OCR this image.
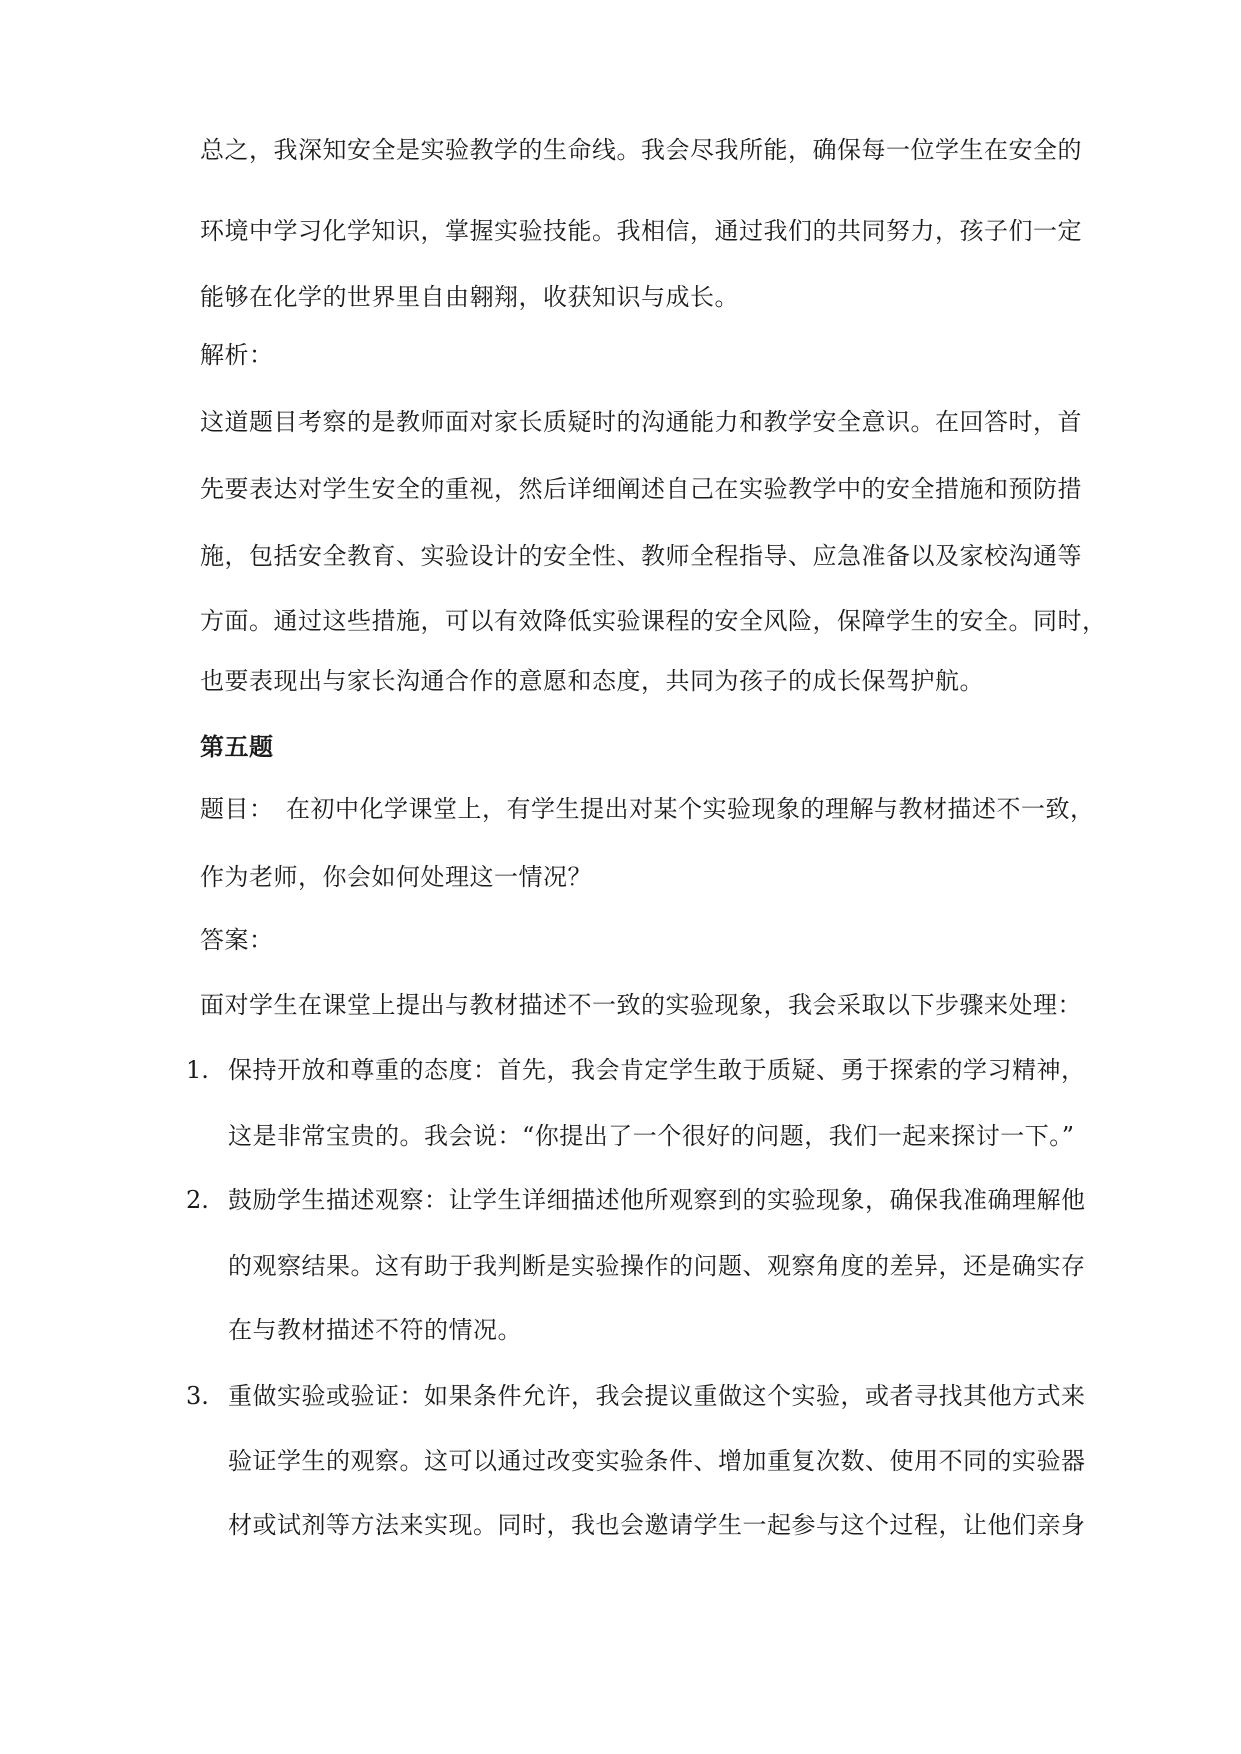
总之，我深知安全是实验教学的生命线。我会尽我所能，确保每一位学生在安全的
环境中学习化学知识，掌握实验技能。我相信，通过我们的共同努力，孩子们一定
能够在化学的世界里自由翱翔，收获知识与成长。
解析：
这道题目考察的是教师面对家长质疑时的沟通能力和教学安全意识。在回答时，首
先要表达对学生安全的重视，然后详细阐述自己在实验教学中的安全措施和预防措
施，包括安全教育、实验设计的安全性、教师全程指导、应急准备以及家校沟通等
方面。通过这些措施，可以有效降低实验课程的安全风险，保障学生的安全。同时，
也要表现出与家长沟通合作的意愿和态度，共同为孩子的成长保驾护航。
第五题
题目：　在初中化学课堂上，有学生提出对某个实验现象的理解与教材描述不一致，
作为老师，你会如何处理这一情况？
答案：
面对学生在课堂上提出与教材描述不一致的实验现象，我会采取以下步骤来处理：
1. 保持开放和尊重的态度：首先，我会肯定学生敢于质疑、勇于探索的学习精神，
这是非常宝贵的。我会说：“你提出了一个很好的问题，我们一起来探讨一下。”
2. 鼓励学生描述观察：让学生详细描述他所观察到的实验现象，确保我准确理解他
的观察结果。这有助于我判断是实验操作的问题、观察角度的差异，还是确实存
在与教材描述不符的情况。
3. 重做实验或验证：如果条件允许，我会提议重做这个实验，或者寻找其他方式来
验证学生的观察。这可以通过改变实验条件、增加重复次数、使用不同的实验器
材或试剂等方法来实现。同时，我也会邀请学生一起参与这个过程，让他们亲身
